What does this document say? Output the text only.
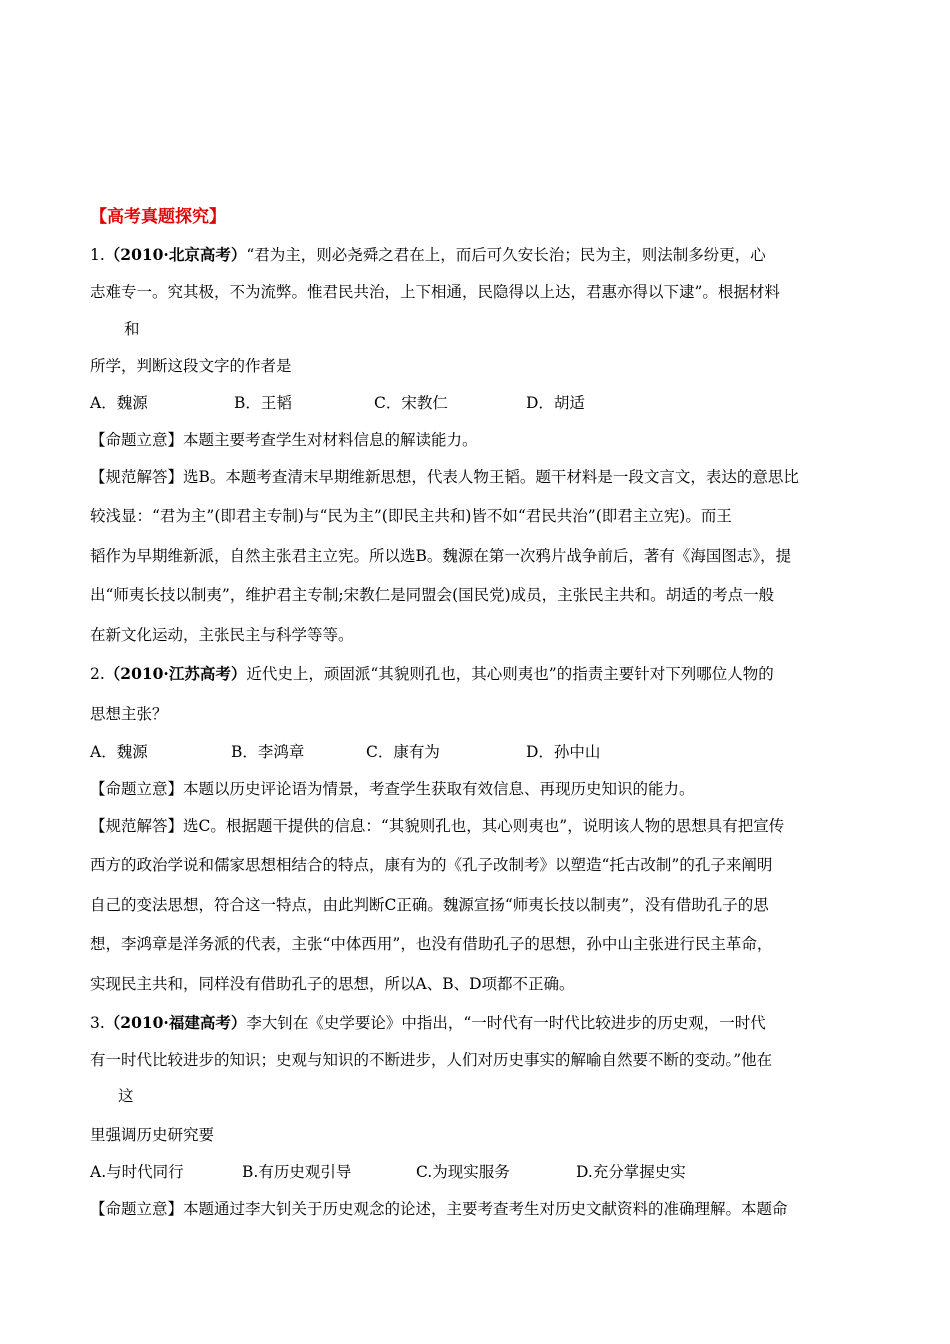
【高考真题探究】
1.（2010·北京高考）“君为主，则必尧舜之君在上，而后可久安长治；民为主，则法制多纷更，心
志难专一。究其极，不为流弊。惟君民共治，上下相通，民隐得以上达，君惠亦得以下逮”。根据材料
和
所学，判断这段文字的作者是
A．魏源	B．王韬	C．宋教仁	D．胡适
【命题立意】本题主要考查学生对材料信息的解读能力。
【规范解答】选B。本题考查清末早期维新思想，代表人物王韬。题干材料是一段文言文，表达的意思比
较浅显：“君为主”(即君主专制)与“民为主”(即民主共和)皆不如“君民共治”(即君主立宪)。而王
韬作为早期维新派，自然主张君主立宪。所以选B。魏源在第一次鸦片战争前后，著有《海国图志》，提
出“师夷长技以制夷”，维护君主专制;宋教仁是同盟会(国民党)成员，主张民主共和。胡适的考点一般
在新文化运动，主张民主与科学等等。
2.（2010·江苏高考）近代史上，顽固派“其貌则孔也，其心则夷也”的指责主要针对下列哪位人物的
思想主张？
A．魏源	B．李鸿章	C．康有为	D．孙中山
【命题立意】本题以历史评论语为情景，考查学生获取有效信息、再现历史知识的能力。
【规范解答】选C。根据题干提供的信息：“其貌则孔也，其心则夷也”，说明该人物的思想具有把宣传
西方的政治学说和儒家思想相结合的特点，康有为的《孔子改制考》以塑造“托古改制”的孔子来阐明
自己的变法思想，符合这一特点，由此判断C正确。魏源宣扬“师夷长技以制夷”，没有借助孔子的思
想，李鸿章是洋务派的代表，主张“中体西用”，也没有借助孔子的思想，孙中山主张进行民主革命，
实现民主共和，同样没有借助孔子的思想，所以A、B、D项都不正确。
3.（2010·福建高考）李大钊在《史学要论》中指出，“一时代有一时代比较进步的历史观，一时代
有一时代比较进步的知识；史观与知识的不断进步，人们对历史事实的解喻自然要不断的变动。”他在
这
里强调历史研究要
A.与时代同行	B.有历史观引导	C.为现实服务	D.充分掌握史实
【命题立意】本题通过李大钊关于历史观念的论述，主要考查考生对历史文献资料的准确理解。本题命
